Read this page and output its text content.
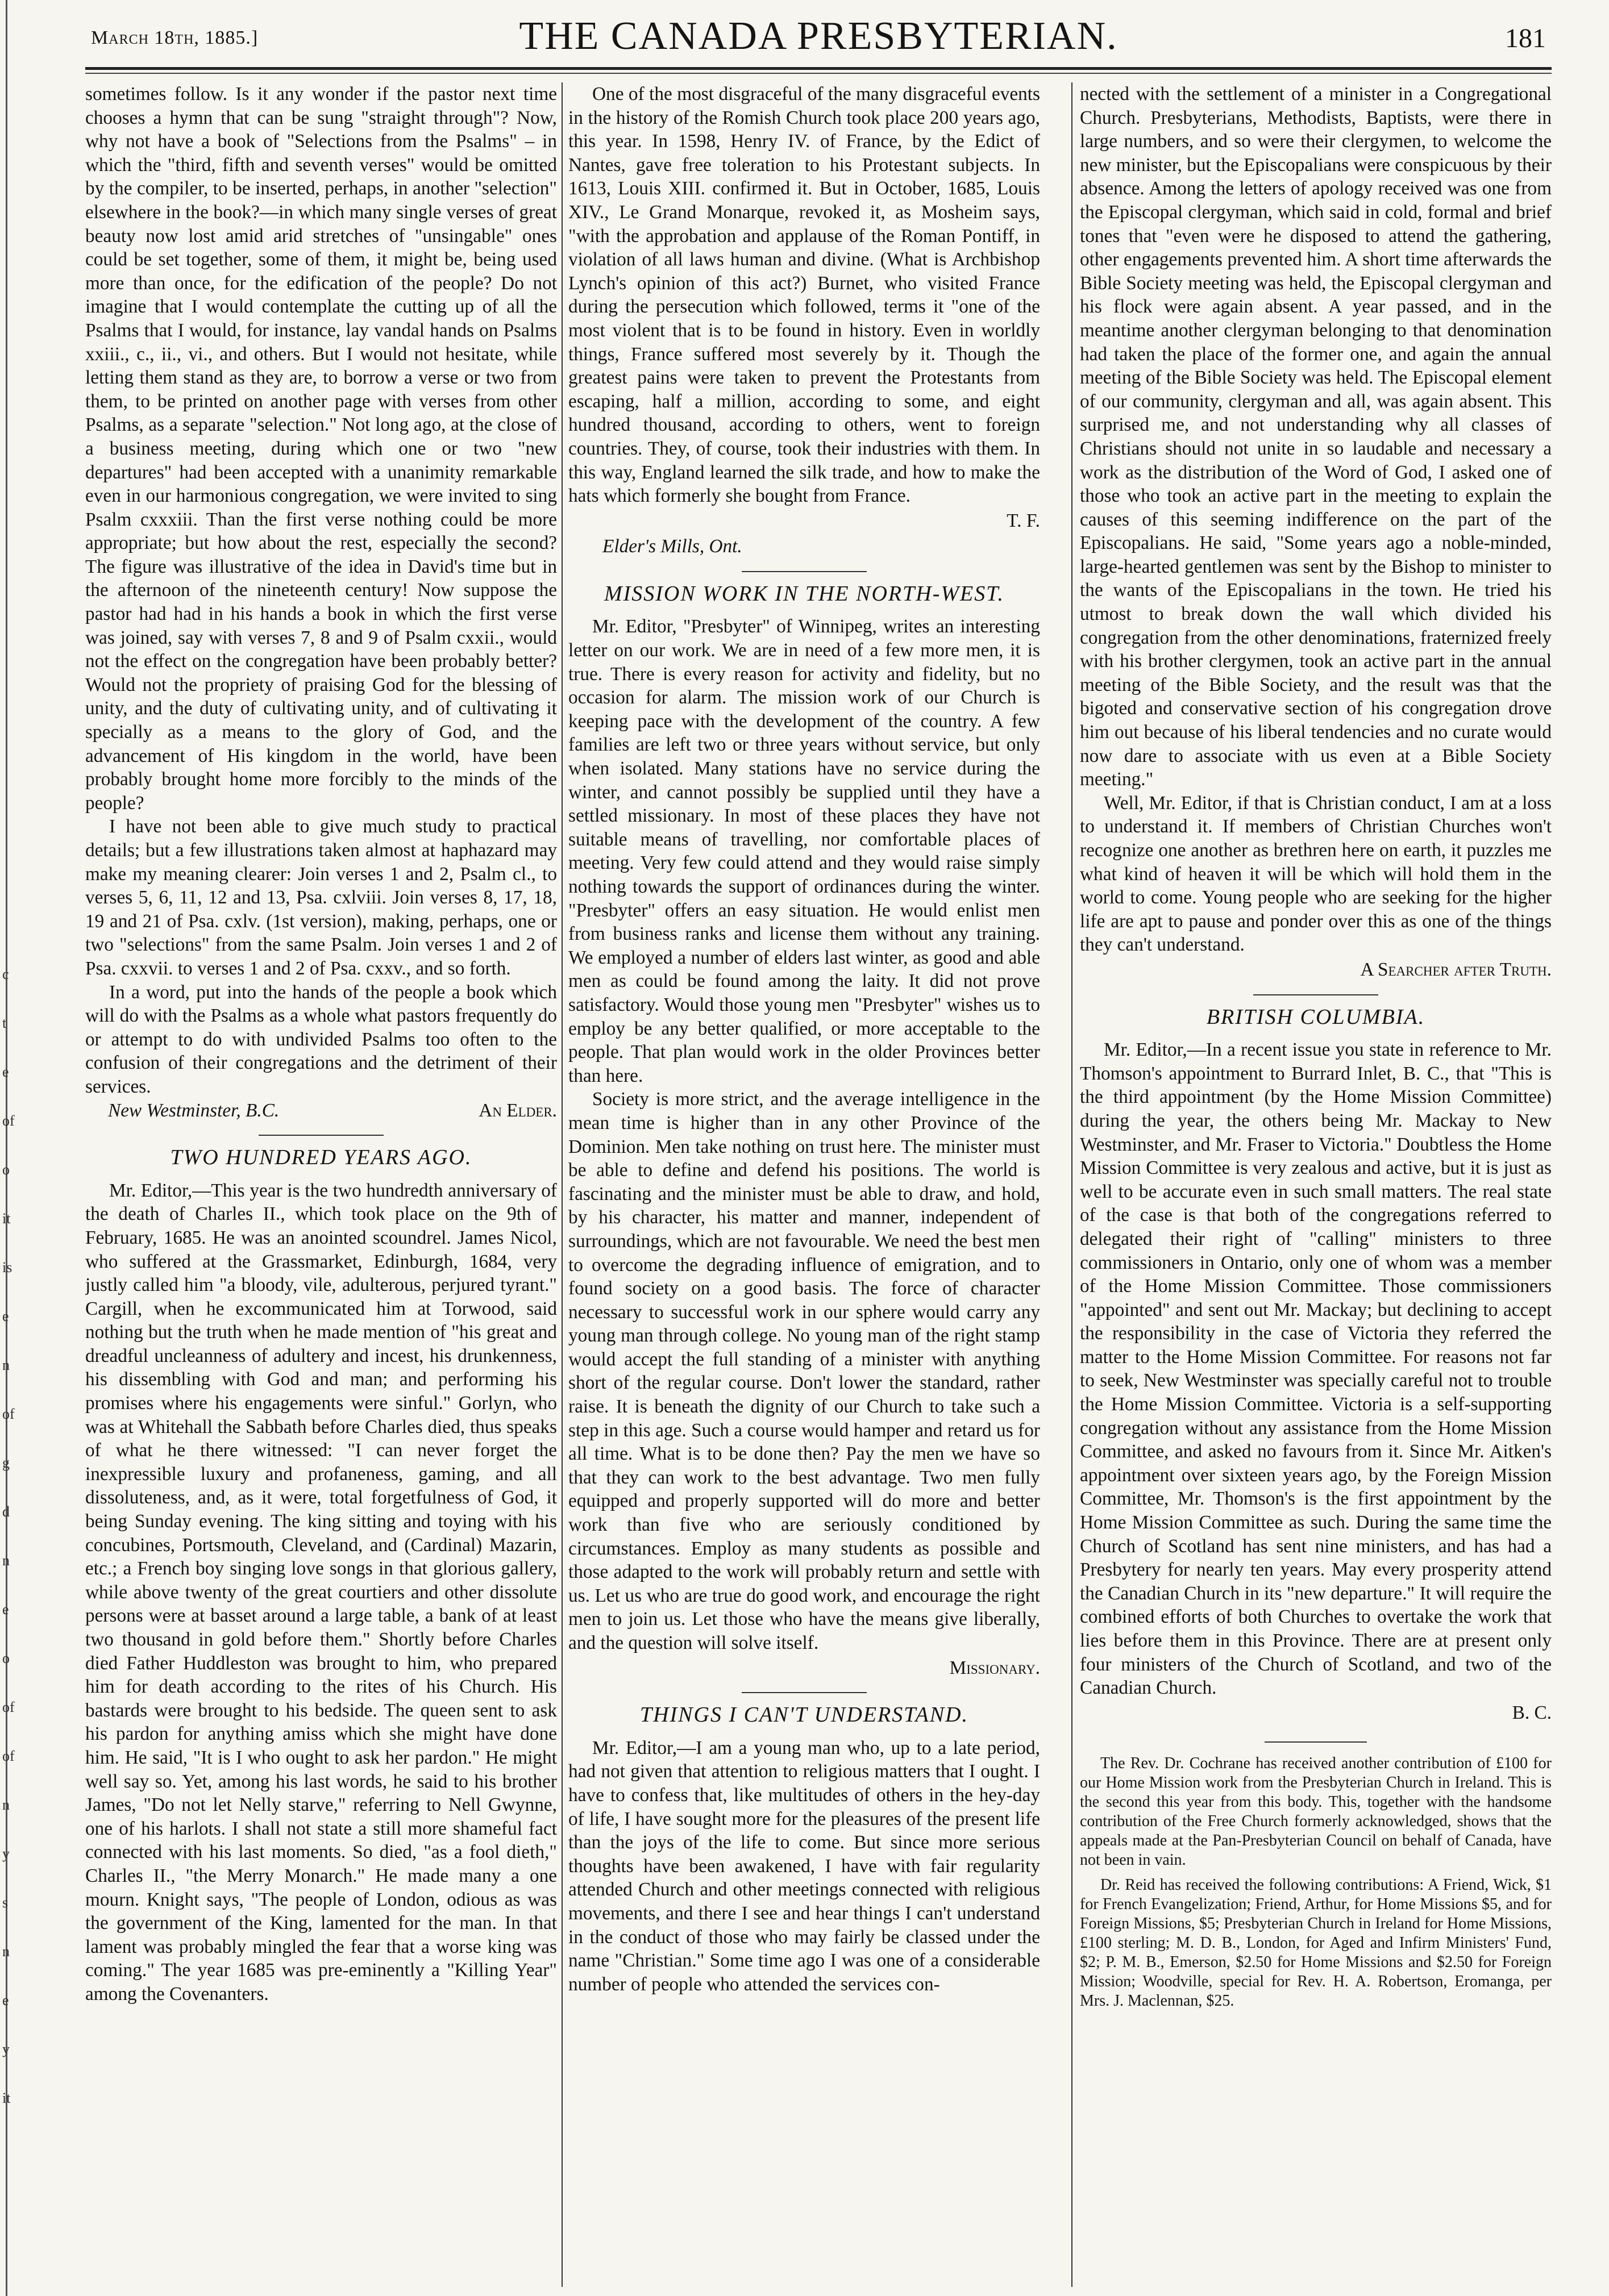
c
t
e
of
o
it
is
e
n
of
g
d
n
e
o
of
of
n
y
s
n
e
y
it
March 18th, 1885.]	THE CANADA PRESBYTERIAN.	181

sometimes follow. Is it any wonder if the pastor next time chooses a hymn that can be sung "straight through"? Now, why not have a book of "Selections from the Psalms" – in which the "third, fifth and seventh verses" would be omitted by the compiler, to be inserted, perhaps, in another "selection" elsewhere in the book?—in which many single verses of great beauty now lost amid arid stretches of "unsingable" ones could be set together, some of them, it might be, being used more than once, for the edification of the people? Do not imagine that I would contemplate the cutting up of all the Psalms that I would, for instance, lay vandal hands on Psalms xxiii., c., ii., vi., and others. But I would not hesitate, while letting them stand as they are, to borrow a verse or two from them, to be printed on another page with verses from other Psalms, as a separate "selection." Not long ago, at the close of a business meeting, during which one or two "new departures" had been accepted with a unanimity remarkable even in our harmonious congregation, we were invited to sing Psalm cxxxiii. Than the first verse nothing could be more appropriate; but how about the rest, especially the second? The figure was illustrative of the idea in David's time but in the afternoon of the nineteenth century! Now suppose the pastor had had in his hands a book in which the first verse was joined, say with verses 7, 8 and 9 of Psalm cxxii., would not the effect on the congregation have been probably better? Would not the propriety of praising God for the blessing of unity, and the duty of cultivating unity, and of cultivating it specially as a means to the glory of God, and the advancement of His kingdom in the world, have been probably brought home more forcibly to the minds of the people?

I have not been able to give much study to practical details; but a few illustrations taken almost at haphazard may make my meaning clearer: Join verses 1 and 2, Psalm cl., to verses 5, 6, 11, 12 and 13, Psa. cxlviii. Join verses 8, 17, 18, 19 and 21 of Psa. cxlv. (1st version), making, perhaps, one or two "selections" from the same Psalm. Join verses 1 and 2 of Psa. cxxvii. to verses 1 and 2 of Psa. cxxv., and so forth.

In a word, put into the hands of the people a book which will do with the Psalms as a whole what pastors frequently do or attempt to do with undivided Psalms too often to the confusion of their congregations and the detriment of their services.

New Westminster, B.C.	An Elder.
TWO HUNDRED YEARS AGO.

Mr. Editor,—This year is the two hundredth anniversary of the death of Charles II., which took place on the 9th of February, 1685. He was an anointed scoundrel. James Nicol, who suffered at the Grassmarket, Edinburgh, 1684, very justly called him "a bloody, vile, adulterous, perjured tyrant." Cargill, when he excommunicated him at Torwood, said nothing but the truth when he made mention of "his great and dreadful uncleanness of adultery and incest, his drunkenness, his dissembling with God and man; and performing his promises where his engagements were sinful." Gorlyn, who was at Whitehall the Sabbath before Charles died, thus speaks of what he there witnessed: "I can never forget the inexpressible luxury and profaneness, gaming, and all dissoluteness, and, as it were, total forgetfulness of God, it being Sunday evening. The king sitting and toying with his concubines, Portsmouth, Cleveland, and (Cardinal) Mazarin, etc.; a French boy singing love songs in that glorious gallery, while above twenty of the great courtiers and other dissolute persons were at basset around a large table, a bank of at least two thousand in gold before them." Shortly before Charles died Father Huddleston was brought to him, who prepared him for death according to the rites of his Church. His bastards were brought to his bedside. The queen sent to ask his pardon for anything amiss which she might have done him. He said, "It is I who ought to ask her pardon." He might well say so. Yet, among his last words, he said to his brother James, "Do not let Nelly starve," referring to Nell Gwynne, one of his harlots. I shall not state a still more shameful fact connected with his last moments. So died, "as a fool dieth," Charles II., "the Merry Monarch." He made many a one mourn. Knight says, "The people of London, odious as was the government of the King, lamented for the man. In that lament was probably mingled the fear that a worse king was coming." The year 1685 was pre-eminently a "Killing Year" among the Covenanters.

One of the most disgraceful of the many disgraceful events in the history of the Romish Church took place 200 years ago, this year. In 1598, Henry IV. of France, by the Edict of Nantes, gave free toleration to his Protestant subjects. In 1613, Louis XIII. confirmed it. But in October, 1685, Louis XIV., Le Grand Monarque, revoked it, as Mosheim says, "with the approbation and applause of the Roman Pontiff, in violation of all laws human and divine. (What is Archbishop Lynch's opinion of this act?) Burnet, who visited France during the persecution which followed, terms it "one of the most violent that is to be found in history. Even in worldly things, France suffered most severely by it. Though the greatest pains were taken to prevent the Protestants from escaping, half a million, according to some, and eight hundred thousand, according to others, went to foreign countries. They, of course, took their industries with them. In this way, England learned the silk trade, and how to make the hats which formerly she bought from France.

T. F.
Elder's Mills, Ont.
MISSION WORK IN THE NORTH-WEST.

Mr. Editor, "Presbyter" of Winnipeg, writes an interesting letter on our work. We are in need of a few more men, it is true. There is every reason for activity and fidelity, but no occasion for alarm. The mission work of our Church is keeping pace with the development of the country. A few families are left two or three years without service, but only when isolated. Many stations have no service during the winter, and cannot possibly be supplied until they have a settled missionary. In most of these places they have not suitable means of travelling, nor comfortable places of meeting. Very few could attend and they would raise simply nothing towards the support of ordinances during the winter. "Presbyter" offers an easy situation. He would enlist men from business ranks and license them without any training. We employed a number of elders last winter, as good and able men as could be found among the laity. It did not prove satisfactory. Would those young men "Presbyter" wishes us to employ be any better qualified, or more acceptable to the people. That plan would work in the older Provinces better than here.

Society is more strict, and the average intelligence in the mean time is higher than in any other Province of the Dominion. Men take nothing on trust here. The minister must be able to define and defend his positions. The world is fascinating and the minister must be able to draw, and hold, by his character, his matter and manner, independent of surroundings, which are not favourable. We need the best men to overcome the degrading influence of emigration, and to found society on a good basis. The force of character necessary to successful work in our sphere would carry any young man through college. No young man of the right stamp would accept the full standing of a minister with anything short of the regular course. Don't lower the standard, rather raise. It is beneath the dignity of our Church to take such a step in this age. Such a course would hamper and retard us for all time. What is to be done then? Pay the men we have so that they can work to the best advantage. Two men fully equipped and properly supported will do more and better work than five who are seriously conditioned by circumstances. Employ as many students as possible and those adapted to the work will probably return and settle with us. Let us who are true do good work, and encourage the right men to join us. Let those who have the means give liberally, and the question will solve itself.

Missionary.
THINGS I CAN'T UNDERSTAND.

Mr. Editor,—I am a young man who, up to a late period, had not given that attention to religious matters that I ought. I have to confess that, like multitudes of others in the hey-day of life, I have sought more for the pleasures of the present life than the joys of the life to come. But since more serious thoughts have been awakened, I have with fair regularity attended Church and other meetings connected with religious movements, and there I see and hear things I can't understand in the conduct of those who may fairly be classed under the name "Christian." Some time ago I was one of a considerable number of people who attended the services con-

nected with the settlement of a minister in a Congregational Church. Presbyterians, Methodists, Baptists, were there in large numbers, and so were their clergymen, to welcome the new minister, but the Episcopalians were conspicuous by their absence. Among the letters of apology received was one from the Episcopal clergyman, which said in cold, formal and brief tones that "even were he disposed to attend the gathering, other engagements prevented him. A short time afterwards the Bible Society meeting was held, the Episcopal clergyman and his flock were again absent. A year passed, and in the meantime another clergyman belonging to that denomination had taken the place of the former one, and again the annual meeting of the Bible Society was held. The Episcopal element of our community, clergyman and all, was again absent. This surprised me, and not understanding why all classes of Christians should not unite in so laudable and necessary a work as the distribution of the Word of God, I asked one of those who took an active part in the meeting to explain the causes of this seeming indifference on the part of the Episcopalians. He said, "Some years ago a noble-minded, large-hearted gentlemen was sent by the Bishop to minister to the wants of the Episcopalians in the town. He tried his utmost to break down the wall which divided his congregation from the other denominations, fraternized freely with his brother clergymen, took an active part in the annual meeting of the Bible Society, and the result was that the bigoted and conservative section of his congregation drove him out because of his liberal tendencies and no curate would now dare to associate with us even at a Bible Society meeting."

Well, Mr. Editor, if that is Christian conduct, I am at a loss to understand it. If members of Christian Churches won't recognize one another as brethren here on earth, it puzzles me what kind of heaven it will be which will hold them in the world to come. Young people who are seeking for the higher life are apt to pause and ponder over this as one of the things they can't understand.

A Searcher after Truth.
BRITISH COLUMBIA.

Mr. Editor,—In a recent issue you state in reference to Mr. Thomson's appointment to Burrard Inlet, B. C., that "This is the third appointment (by the Home Mission Committee) during the year, the others being Mr. Mackay to New Westminster, and Mr. Fraser to Victoria." Doubtless the Home Mission Committee is very zealous and active, but it is just as well to be accurate even in such small matters. The real state of the case is that both of the congregations referred to delegated their right of "calling" ministers to three commissioners in Ontario, only one of whom was a member of the Home Mission Committee. Those commissioners "appointed" and sent out Mr. Mackay; but declining to accept the responsibility in the case of Victoria they referred the matter to the Home Mission Committee. For reasons not far to seek, New Westminster was specially careful not to trouble the Home Mission Committee. Victoria is a self-supporting congregation without any assistance from the Home Mission Committee, and asked no favours from it. Since Mr. Aitken's appointment over sixteen years ago, by the Foreign Mission Committee, Mr. Thomson's is the first appointment by the Home Mission Committee as such. During the same time the Church of Scotland has sent nine ministers, and has had a Presbytery for nearly ten years. May every prosperity attend the Canadian Church in its "new departure." It will require the combined efforts of both Churches to overtake the work that lies before them in this Province. There are at present only four ministers of the Church of Scotland, and two of the Canadian Church.

B. C.

The Rev. Dr. Cochrane has received another contribution of £100 for our Home Mission work from the Presbyterian Church in Ireland. This is the second this year from this body. This, together with the handsome contribution of the Free Church formerly acknowledged, shows that the appeals made at the Pan-Presbyterian Council on behalf of Canada, have not been in vain.

Dr. Reid has received the following contributions: A Friend, Wick, $1 for French Evangelization; Friend, Arthur, for Home Missions $5, and for Foreign Missions, $5; Presbyterian Church in Ireland for Home Missions, £100 sterling; M. D. B., London, for Aged and Infirm Ministers' Fund, $2; P. M. B., Emerson, $2.50 for Home Missions and $2.50 for Foreign Mission; Woodville, special for Rev. H. A. Robertson, Eromanga, per Mrs. J. Maclennan, $25.
